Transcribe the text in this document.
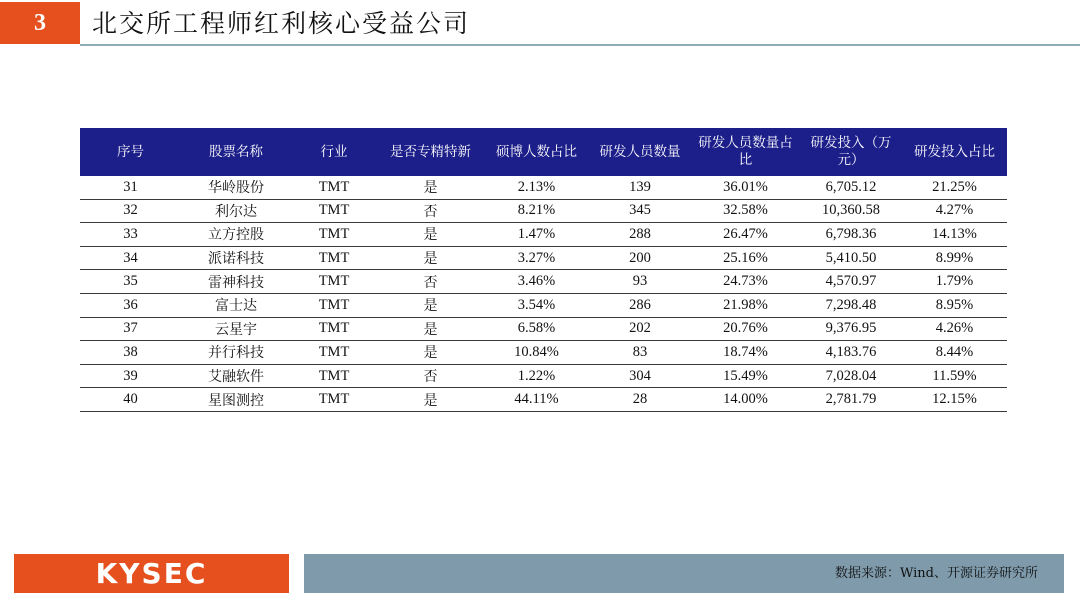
3	北交所工程师红利核心受益公司
序号	股票名称	行业	是否专精特新	硕博人数占比	研发人员数量	研发人员数量占比	研发投入（万元）	研发投入占比
31	华岭股份	TMT	是	2.13%	139	36.01%	6,705.12	21.25%
32	利尔达	TMT	否	8.21%	345	32.58%	10,360.58	4.27%
33	立方控股	TMT	是	1.47%	288	26.47%	6,798.36	14.13%
34	派诺科技	TMT	是	3.27%	200	25.16%	5,410.50	8.99%
35	雷神科技	TMT	否	3.46%	93	24.73%	4,570.97	1.79%
36	富士达	TMT	是	3.54%	286	21.98%	7,298.48	8.95%
37	云星宇	TMT	是	6.58%	202	20.76%	9,376.95	4.26%
38	并行科技	TMT	是	10.84%	83	18.74%	4,183.76	8.44%
39	艾融软件	TMT	否	1.22%	304	15.49%	7,028.04	11.59%
40	星图测控	TMT	是	44.11%	28	14.00%	2,781.79	12.15%
KYSEC	数据来源：Wind、开源证券研究所
